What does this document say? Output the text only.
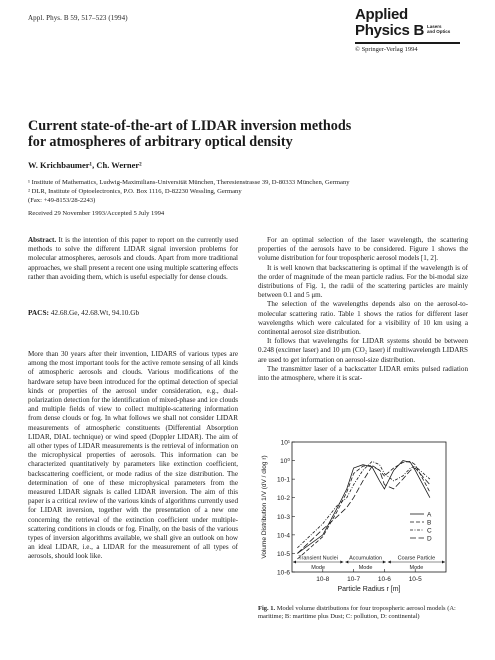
Appl. Phys. B 59, 517–523 (1994)	Applied
Physics B Lasers
and Optics
© Springer-Verlag 1994
Current state-of-the-art of LIDAR inversion methods
for atmospheres of arbitrary optical density
W. Krichbaumer¹, Ch. Werner²
¹ Institute of Mathematics, Ludwig-Maximilians-Universität München, Theresienstrasse 39, D-80333 München, Germany
² DLR, Institute of Optoelectronics, P.O. Box 1116, D-82230 Wessling, Germany
(Fax: +49-8153/28-2243)
Received 29 November 1993/Accepted 5 July 1994
Abstract. It is the intention of this paper to report on the currently used methods to solve the different LIDAR signal inversion problems for molecular atmospheres, aerosols and clouds. Apart from more traditional approaches, we shall present a recent one using multiple scattering effects rather than avoiding them, which is useful especially for dense clouds.
PACS: 42.68.Ge, 42.68.Wt, 94.10.Gb

More than 30 years after their invention, LIDARS of various types are among the most important tools for the active remote sensing of all kinds of atmospheric aerosols and clouds. Various modifications of the hardware setup have been introduced for the optimal detection of special kinds or properties of the aerosol under consideration, e.g., dual-polarization detection for the identification of mixed-phase and ice clouds and multiple fields of view to collect multiple-scattering information from dense clouds or fog. In what follows we shall not consider LIDAR measurements of atmospheric constituents (Differential Absorption LIDAR, DIAL technique) or wind speed (Doppler LIDAR). The aim of all other types of LIDAR measurements is the retrieval of information on the microphysical properties of aerosols. This information can be characterized quantitatively by parameters like extinction coefficient, backscattering coefficient, or mode radius of the size distribution. The determination of one of these microphysical parameters from the measured LIDAR signals is called LIDAR inversion. The aim of this paper is a critical review of the various kinds of algorithms currently used for LIDAR inversion, together with the presentation of a new one concerning the retrieval of the extinction coefficient under multiple-scattering conditions in clouds or fog. Finally, on the basis of the various types of inversion algorithms available, we shall give an outlook on how an ideal LIDAR, i.e., a LIDAR for the measurement of all types of aerosols, should look like.

For an optimal selection of the laser wavelength, the scattering properties of the aerosols have to be considered. Figure 1 shows the volume distribution for four tropospheric aerosol models [1, 2].

It is well known that backscattering is optimal if the wavelength is of the order of magnitude of the mean particle radius. For the bi-modal size distributions of Fig. 1, the radii of the scattering particles are mainly between 0.1 and 5 μm.

The selection of the wavelengths depends also on the aerosol-to-molecular scattering ratio. Table 1 shows the ratios for different laser wavelengths which were calculated for a visibility of 10 km using a continental aerosol size distribution.

It follows that wavelengths for LIDAR systems should be between 0.248 (excimer laser) and 10 μm (CO₂ laser) if multiwavelength LIDARS are used to get information on aerosol-size distribution.

The transmitter laser of a backscatter LIDAR emits pulsed radiation into the atmosphere, where it is scat-

10¹
10⁰
10-1
10-2
10-3
10-4
10-5
10-6
10-8	10-7	10-6	10-5
Particle Radius r [m]
Volume Distribution 1/V (dV / dlog r)	Transient Nuclei
Mode
Accumulation
Mode
Coarse Particle
Mode
A
B
C
D
Fig. 1. Model volume distributions for four tropospheric aerosol models (A: maritime; B: maritime plus Dust; C: pollution, D: continental)
